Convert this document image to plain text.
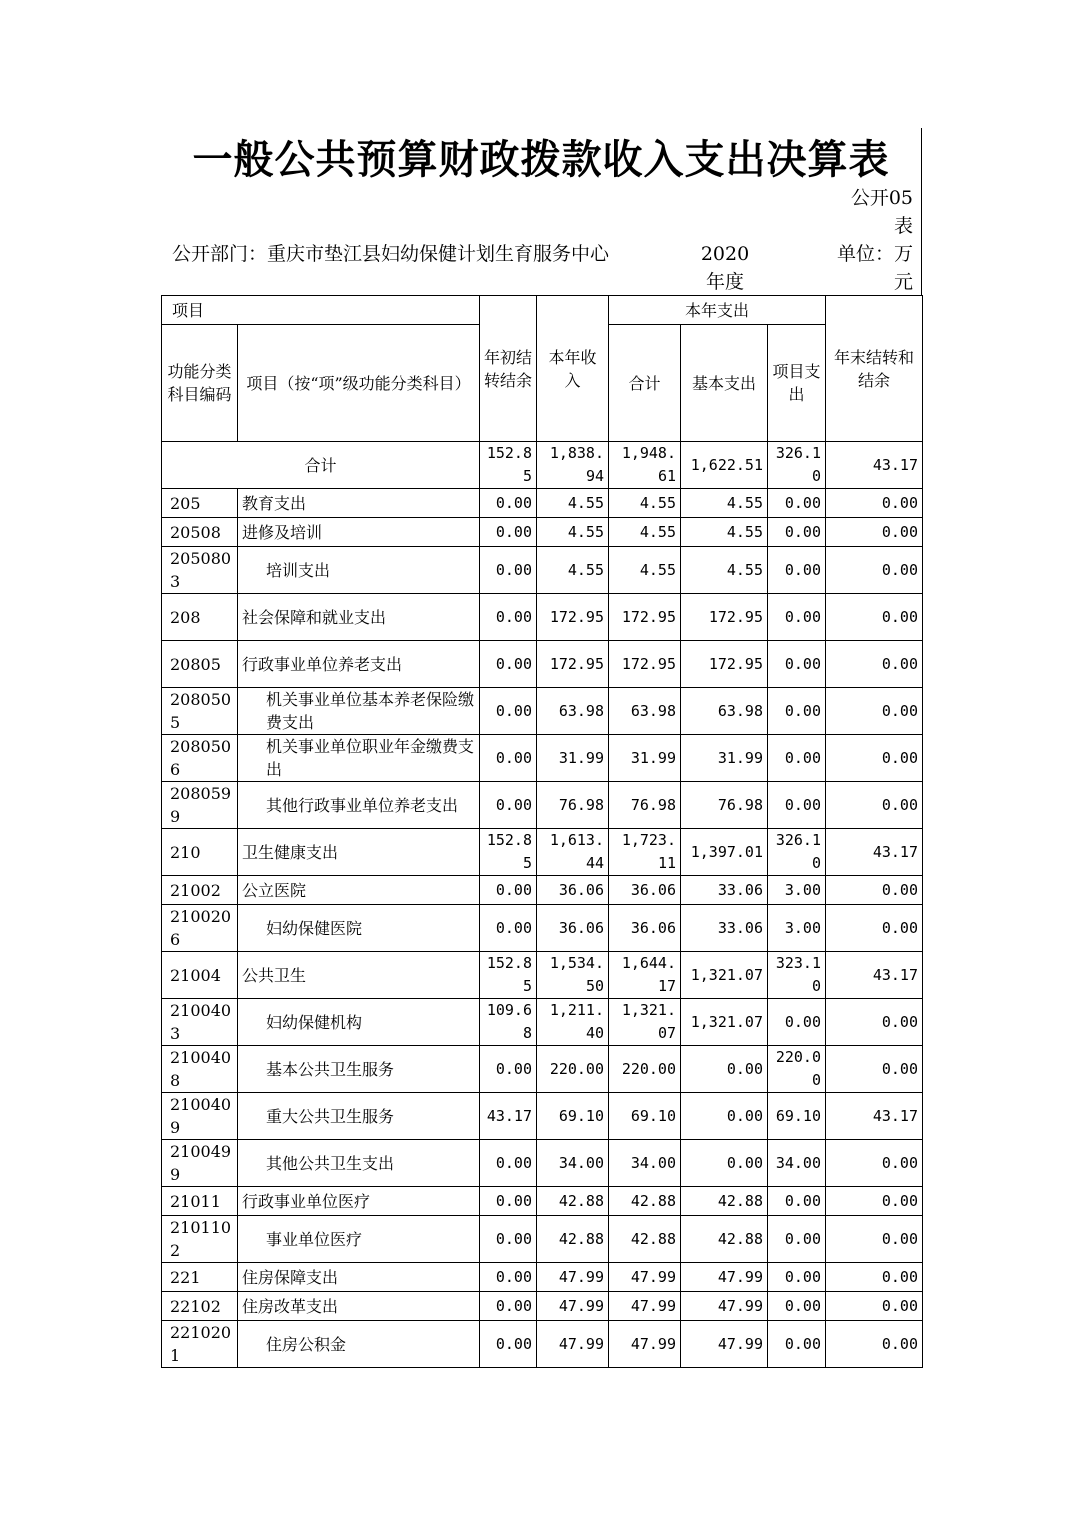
一般公共预算财政拨款收入支出决算表
公开05表
公开部门：重庆市垫江县妇幼保健计划生育服务中心	2020年度
单位：万元
项目		年初结转结余	本年收入	本年支出			年末结转和结余
功能分类科目编码	项目（按“项”级功能分类科目）			合计	基本支出	项目支出	
合计		152.85	1,838.94	1,948.61	1,622.51	326.10	43.17
205	教育支出	0.00	4.55	4.55	4.55	0.00	0.00
20508	进修及培训	0.00	4.55	4.55	4.55	0.00	0.00
2050803	培训支出	0.00	4.55	4.55	4.55	0.00	0.00
208	社会保障和就业支出	0.00	172.95	172.95	172.95	0.00	0.00
20805	行政事业单位养老支出	0.00	172.95	172.95	172.95	0.00	0.00
2080505	机关事业单位基本养老保险缴费支出	0.00	63.98	63.98	63.98	0.00	0.00
2080506	机关事业单位职业年金缴费支出	0.00	31.99	31.99	31.99	0.00	0.00
2080599	其他行政事业单位养老支出	0.00	76.98	76.98	76.98	0.00	0.00
210	卫生健康支出	152.85	1,613.44	1,723.11	1,397.01	326.10	43.17
21002	公立医院	0.00	36.06	36.06	33.06	3.00	0.00
2100206	妇幼保健医院	0.00	36.06	36.06	33.06	3.00	0.00
21004	公共卫生	152.85	1,534.50	1,644.17	1,321.07	323.10	43.17
2100403	妇幼保健机构	109.68	1,211.40	1,321.07	1,321.07	0.00	0.00
2100408	基本公共卫生服务	0.00	220.00	220.00	0.00	220.00	0.00
2100409	重大公共卫生服务	43.17	69.10	69.10	0.00	69.10	43.17
2100499	其他公共卫生支出	0.00	34.00	34.00	0.00	34.00	0.00
21011	行政事业单位医疗	0.00	42.88	42.88	42.88	0.00	0.00
2101102	事业单位医疗	0.00	42.88	42.88	42.88	0.00	0.00
221	住房保障支出	0.00	47.99	47.99	47.99	0.00	0.00
22102	住房改革支出	0.00	47.99	47.99	47.99	0.00	0.00
2210201	住房公积金	0.00	47.99	47.99	47.99	0.00	0.00
